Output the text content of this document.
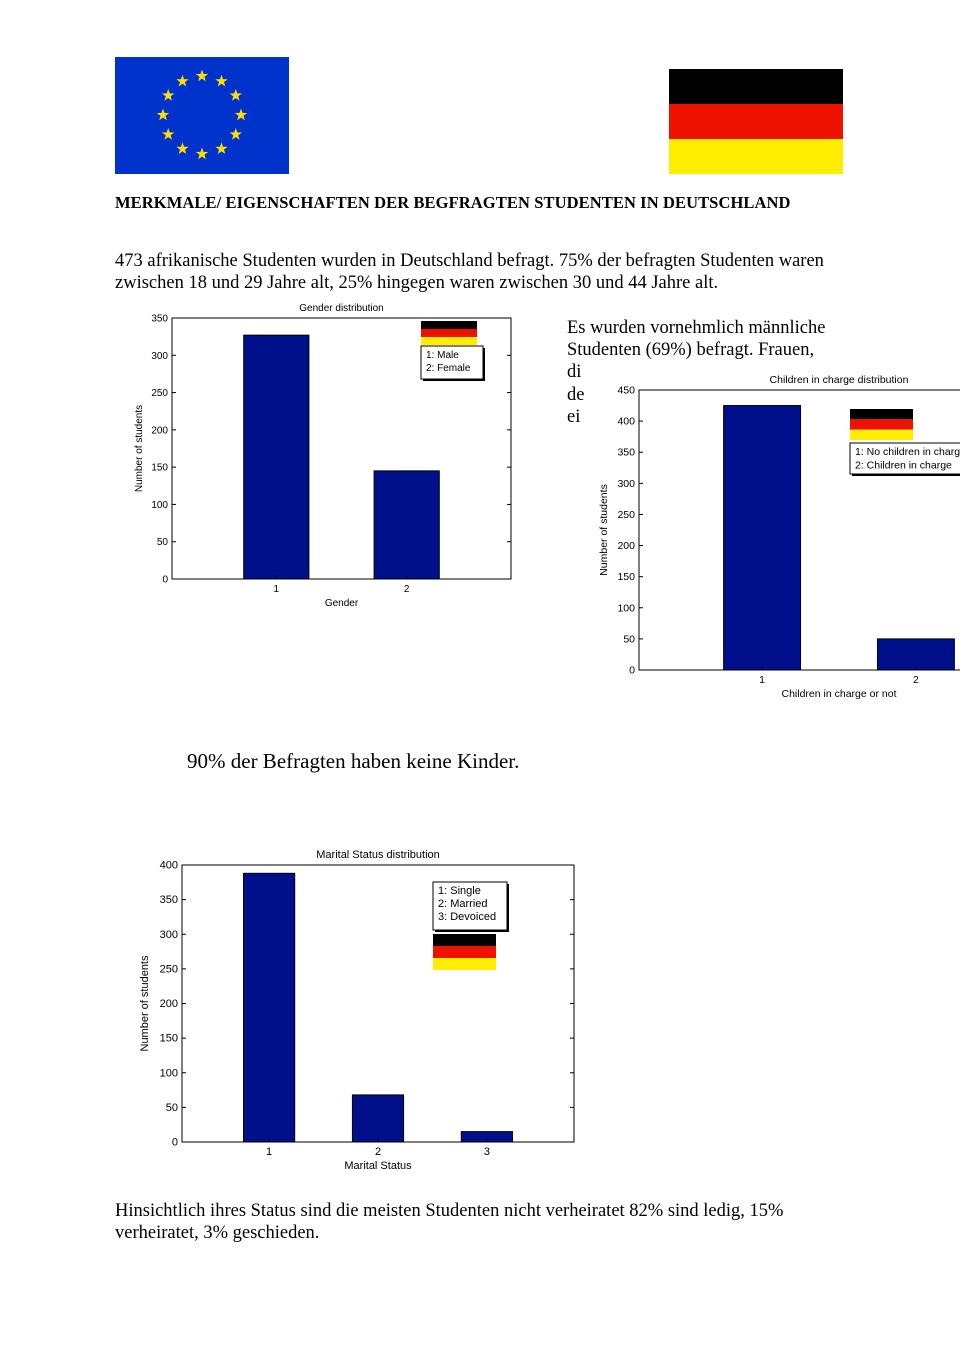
MERKMALE/ EIGENSCHAFTEN DER BEGFRAGTEN STUDENTEN IN DEUTSCHLAND
473 afrikanische Studenten wurden in Deutschland befragt. 75% der befragten Studenten waren zwischen 18 und 29 Jahre alt, 25% hingegen waren zwischen 30 und 44 Jahre alt.
Es wurden vornehmlich männliche Studenten (69%) befragt. Frauen,
di
de
ei
Gender distribution
0
50
100
150
200
250
300
350
1	2
Gender
Number of students
1: Male
2: Female
Children in charge distribution
0
50
100
150
200
250
300
350
400
450
1	2
Children in charge or not
Number of students
1: No children in charg
2: Children in charge
90% der Befragten haben keine Kinder.
Marital Status distribution
0
50
100
150
200
250
300
350
400
1	2	3
Marital Status
Number of students
1: Single
2: Married
3: Devoiced
Hinsichtlich ihres Status sind die meisten Studenten nicht verheiratet 82% sind ledig, 15% verheiratet, 3% geschieden.
